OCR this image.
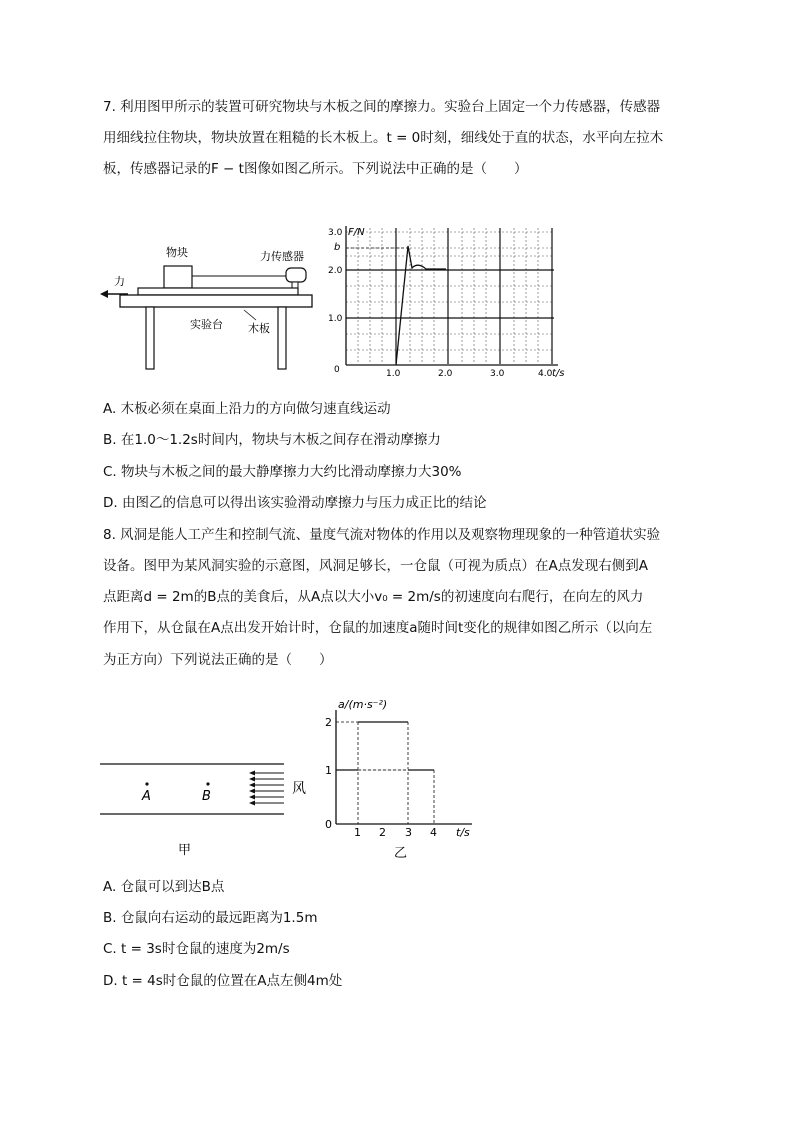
7. 利用图甲所示的装置可研究物块与木板之间的摩擦力。实验台上固定一个力传感器，传感器
用细线拉住物块，物块放置在粗糙的长木板上。t = 0时刻，细线处于直的状态，水平向左拉木
板，传感器记录的F − t图像如图乙所示。下列说法中正确的是（　　）
物块	力传感器
力
实验台 木板
F/N
t/s
3.0
b
2.0
1.0
0	1.0	2.0	3.0	4.0
A. 木板必须在桌面上沿力的方向做匀速直线运动
B. 在1.0～1.2s时间内，物块与木板之间存在滑动摩擦力
C. 物块与木板之间的最大静摩擦力大约比滑动摩擦力大30%
D. 由图乙的信息可以得出该实验滑动摩擦力与压力成正比的结论
8. 风洞是能人工产生和控制气流、量度气流对物体的作用以及观察物理现象的一种管道状实验
设备。图甲为某风洞实验的示意图，风洞足够长，一仓鼠（可视为质点）在A点发现右侧到A
点距离d = 2m的B点的美食后，从A点以大小v₀ = 2m/s的初速度向右爬行，在向左的风力
作用下，从仓鼠在A点出发开始计时，仓鼠的加速度a随时间t变化的规律如图乙所示（以向左
为正方向）下列说法正确的是（　　）
A	B	风
甲
a/(m·s⁻²)
t/s
2
1
0
1 2 3 4
乙
A. 仓鼠可以到达B点
B. 仓鼠向右运动的最远距离为1.5m
C. t = 3s时仓鼠的速度为2m/s
D. t = 4s时仓鼠的位置在A点左侧4m处
